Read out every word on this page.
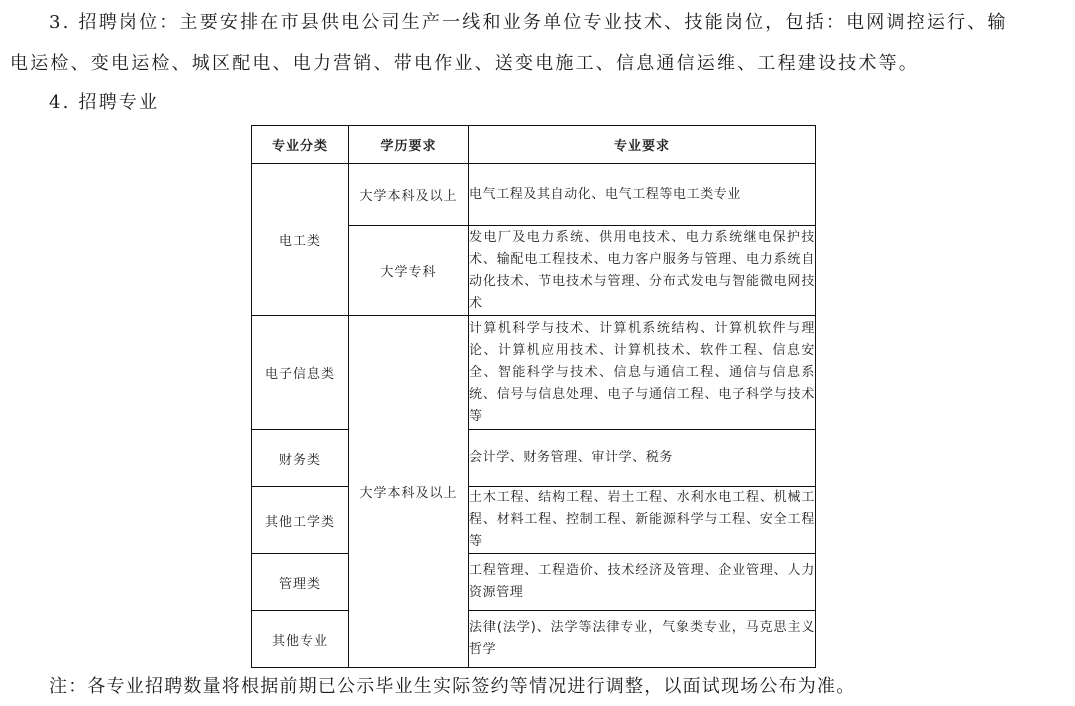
3. 招聘岗位：主要安排在市县供电公司生产一线和业务单位专业技术、技能岗位，包括：电网调控运行、输
电运检、变电运检、城区配电、电力营销、带电作业、送变电施工、信息通信运维、工程建设技术等。
4. 招聘专业
专业分类	学历要求	专业要求
电工类	大学本科及以上	电气工程及其自动化、电气工程等电工类专业
	大学专科	发电厂及电力系统、供用电技术、电力系统继电保护技术、输配电工程技术、电力客户服务与管理、电力系统自动化技术、节电技术与管理、分布式发电与智能微电网技术
电子信息类	大学本科及以上	计算机科学与技术、计算机系统结构、计算机软件与理论、计算机应用技术、计算机技术、软件工程、信息安全、智能科学与技术、信息与通信工程、通信与信息系统、信号与信息处理、电子与通信工程、电子科学与技术等
财务类		会计学、财务管理、审计学、税务
其他工学类		土木工程、结构工程、岩土工程、水利水电工程、机械工程、材料工程、控制工程、新能源科学与工程、安全工程等
管理类		工程管理、工程造价、技术经济及管理、企业管理、人力资源管理
其他专业		法律(法学)、法学等法律专业，气象类专业，马克思主义哲学
注：各专业招聘数量将根据前期已公示毕业生实际签约等情况进行调整，以面试现场公布为准。
